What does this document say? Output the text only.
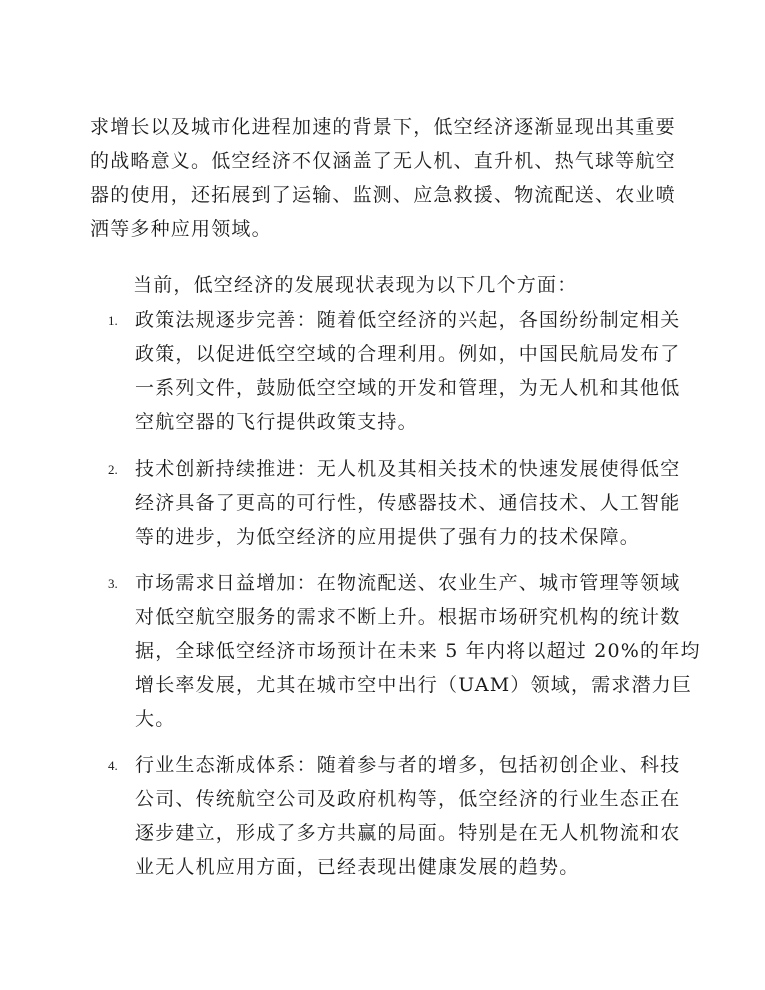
求增长以及城市化进程加速的背景下，低空经济逐渐显现出其重要
的战略意义。低空经济不仅涵盖了无人机、直升机、热气球等航空
器的使用，还拓展到了运输、监测、应急救援、物流配送、农业喷
洒等多种应用领域。

当前，低空经济的发展现状表现为以下几个方面：

1. 政策法规逐步完善：随着低空经济的兴起，各国纷纷制定相关
政策，以促进低空空域的合理利用。例如，中国民航局发布了
一系列文件，鼓励低空空域的开发和管理，为无人机和其他低
空航空器的飞行提供政策支持。

2. 技术创新持续推进：无人机及其相关技术的快速发展使得低空
经济具备了更高的可行性，传感器技术、通信技术、人工智能
等的进步，为低空经济的应用提供了强有力的技术保障。

3. 市场需求日益增加：在物流配送、农业生产、城市管理等领域
对低空航空服务的需求不断上升。根据市场研究机构的统计数
据，全球低空经济市场预计在未来 5 年内将以超过 20%的年均
增长率发展，尤其在城市空中出行（UAM）领域，需求潜力巨
大。

4. 行业生态渐成体系：随着参与者的增多，包括初创企业、科技
公司、传统航空公司及政府机构等，低空经济的行业生态正在
逐步建立，形成了多方共赢的局面。特别是在无人机物流和农
业无人机应用方面，已经表现出健康发展的趋势。
